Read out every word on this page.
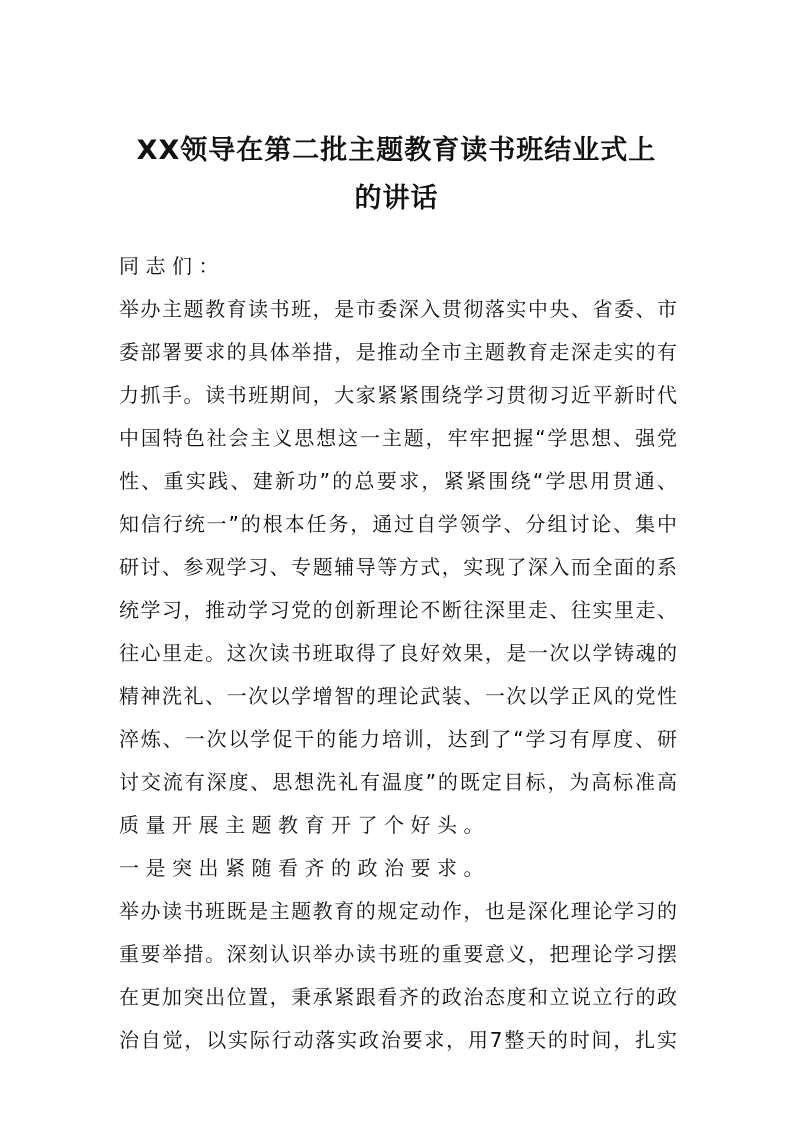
XX领导在第二批主题教育读书班结业式上
的讲话
同志们：
举办主题教育读书班，是市委深入贯彻落实中央、省委、市
委部署要求的具体举措，是推动全市主题教育走深走实的有
力抓手。读书班期间，大家紧紧围绕学习贯彻习近平新时代
中国特色社会主义思想这一主题，牢牢把握“学思想、强党
性、重实践、建新功”的总要求，紧紧围绕“学思用贯通、
知信行统一”的根本任务，通过自学领学、分组讨论、集中
研讨、参观学习、专题辅导等方式，实现了深入而全面的系
统学习，推动学习党的创新理论不断往深里走、往实里走、
往心里走。这次读书班取得了良好效果，是一次以学铸魂的
精神洗礼、一次以学增智的理论武装、一次以学正风的党性
淬炼、一次以学促干的能力培训，达到了“学习有厚度、研
讨交流有深度、思想洗礼有温度”的既定目标，为高标准高
质量开展主题教育开了个好头。
一是突出紧随看齐的政治要求。
举办读书班既是主题教育的规定动作，也是深化理论学习的
重要举措。深刻认识举办读书班的重要意义，把理论学习摆
在更加突出位置，秉承紧跟看齐的政治态度和立说立行的政
治自觉，以实际行动落实政治要求，用7整天的时间，扎实
